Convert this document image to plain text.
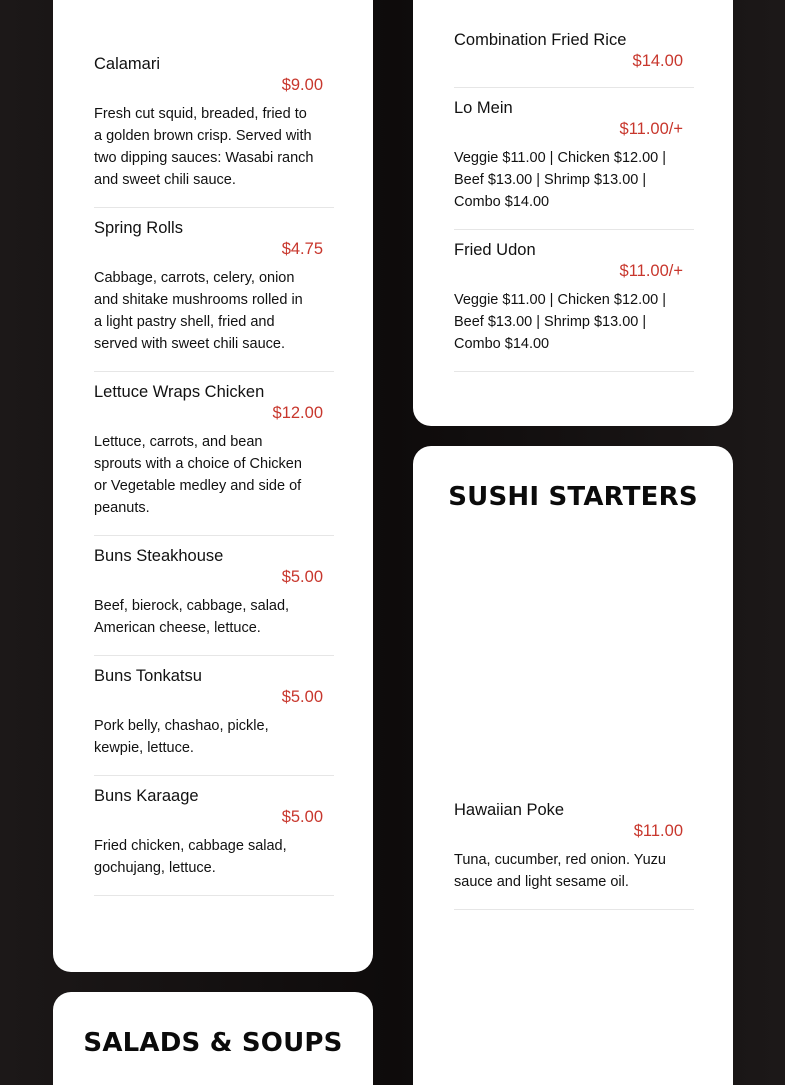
Calamari
$9.00
Fresh cut squid, breaded, fried to a golden brown crisp. Served with two dipping sauces: Wasabi ranch and sweet chili sauce.
Spring Rolls
$4.75
Cabbage, carrots, celery, onion and shitake mushrooms rolled in a light pastry shell, fried and served with sweet chili sauce.
Lettuce Wraps Chicken
$12.00
Lettuce, carrots, and bean sprouts with a choice of Chicken or Vegetable medley and side of peanuts.
Buns Steakhouse
$5.00
Beef, bierock, cabbage, salad, American cheese, lettuce.
Buns Tonkatsu
$5.00
Pork belly, chashao, pickle, kewpie, lettuce.
Buns Karaage
$5.00
Fried chicken, cabbage salad, gochujang, lettuce.
Combination Fried Rice
$14.00
Lo Mein
$11.00/+
Veggie $11.00 | Chicken $12.00 | Beef $13.00 | Shrimp $13.00 | Combo $14.00
Fried Udon
$11.00/+
Veggie $11.00 | Chicken $12.00 | Beef $13.00 | Shrimp $13.00 | Combo $14.00
SUSHI STARTERS
Hawaiian Poke
$11.00
Tuna, cucumber, red onion. Yuzu sauce and light sesame oil.
SALADS & SOUPS
